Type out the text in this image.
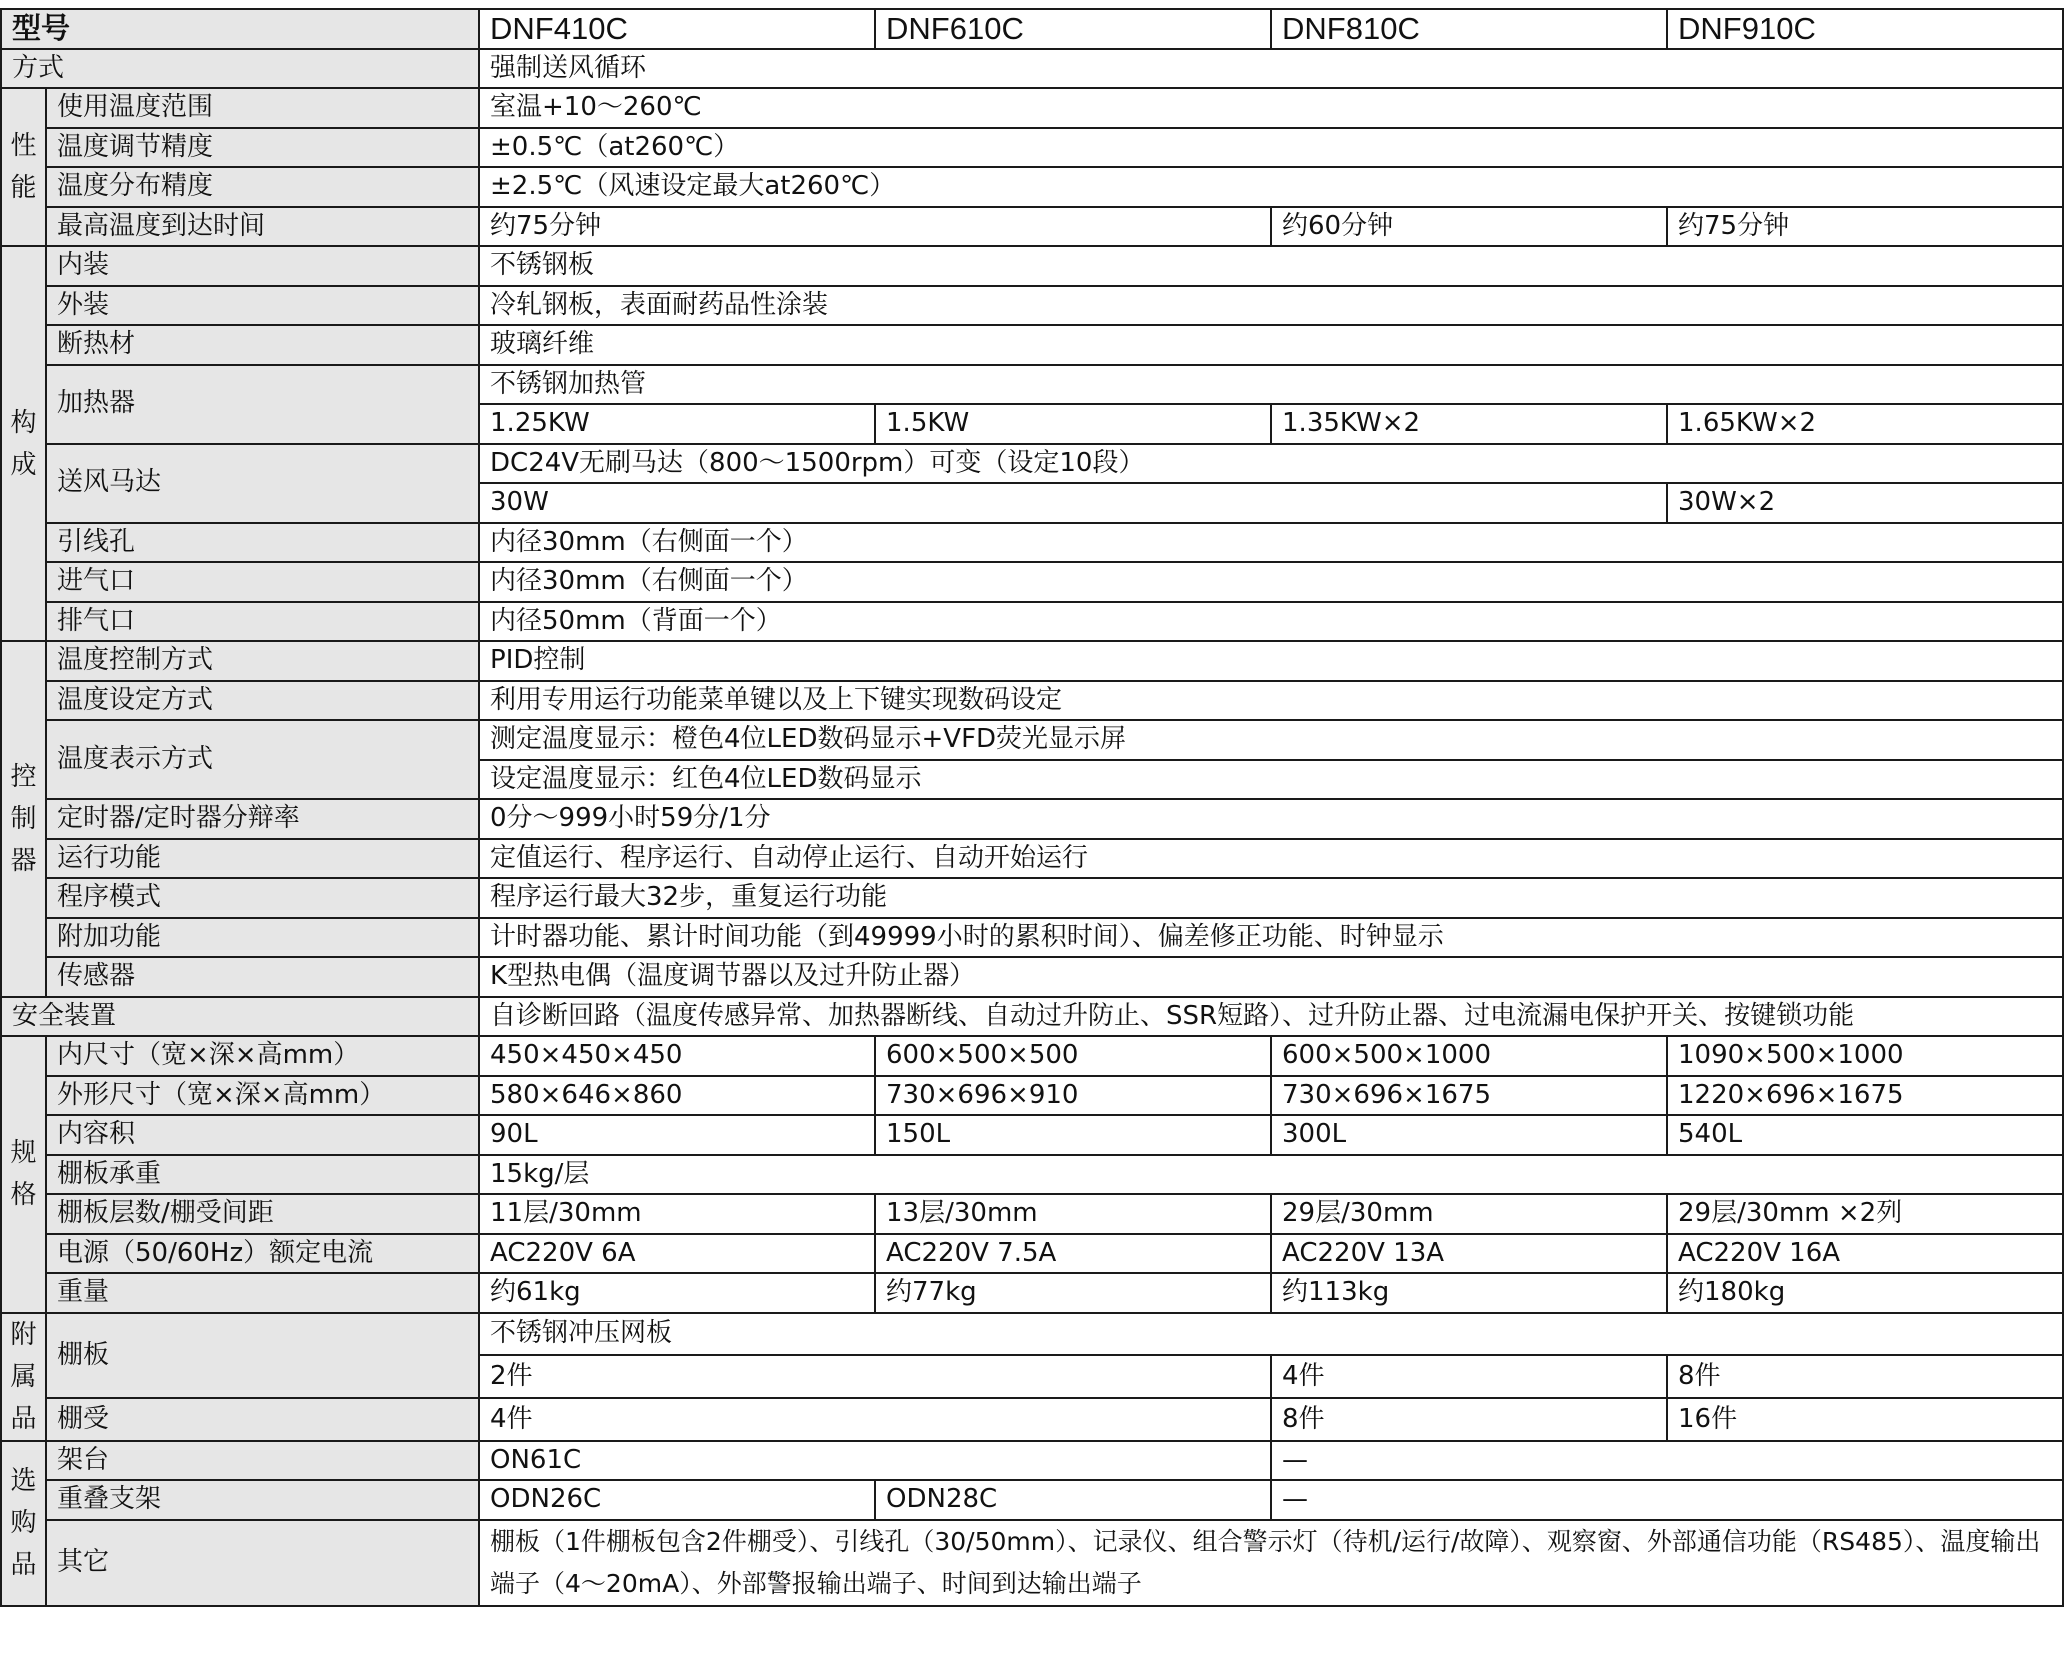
型号		DNF410C	DNF610C	DNF810C	DNF910C
方式		强制送风循环			
性
能	使用温度范围	室温+10～260℃			
	温度调节精度	±0.5℃（at260℃）			
	温度分布精度	±2.5℃（风速设定最大at260℃）			
	最高温度到达时间	约75分钟		约60分钟	约75分钟
构
成	内装	不锈钢板			
	外装	冷轧钢板，表面耐药品性涂装			
	断热材	玻璃纤维			
	加热器	不锈钢加热管			
		1.25KW	1.5KW	1.35KW×2	1.65KW×2
	送风马达	DC24V无刷马达（800～1500rpm）可变（设定10段）			
		30W			30W×2
	引线孔	内径30mm（右侧面一个）			
	进气口	内径30mm（右侧面一个）			
	排气口	内径50mm（背面一个）			
控
制
器	温度控制方式	PID控制			
	温度设定方式	利用专用运行功能菜单键以及上下键实现数码设定			
	温度表示方式	测定温度显示：橙色4位LED数码显示+VFD荧光显示屏			
		设定温度显示：红色4位LED数码显示			
	定时器/定时器分辩率	0分～999小时59分/1分			
	运行功能	定值运行、程序运行、自动停止运行、自动开始运行			
	程序模式	程序运行最大32步，重复运行功能			
	附加功能	计时器功能、累计时间功能（到49999小时的累积时间）、偏差修正功能、时钟显示			
	传感器	K型热电偶（温度调节器以及过升防止器）			
安全装置		自诊断回路（温度传感异常、加热器断线、自动过升防止、SSR短路）、过升防止器、过电流漏电保护开关、按键锁功能			
规
格	内尺寸（宽×深×高mm）	450×450×450	600×500×500	600×500×1000	1090×500×1000
	外形尺寸（宽×深×高mm）	580×646×860	730×696×910	730×696×1675	1220×696×1675
	内容积	90L	150L	300L	540L
	棚板承重	15kg/层			
	棚板层数/棚受间距	11层/30mm	13层/30mm	29层/30mm	29层/30mm ×2列
	电源（50/60Hz）额定电流	AC220V 6A	AC220V 7.5A	AC220V 13A	AC220V 16A
	重量	约61kg	约77kg	约113kg	约180kg
附
属
品	棚板	不锈钢冲压网板			
		2件		4件	8件
	棚受	4件		8件	16件
选
购
品	架台	ON61C		—	
	重叠支架	ODN26C	ODN28C	—	
	其它	棚板（1件棚板包含2件棚受）、引线孔（30/50mm）、记录仪、组合警示灯（待机/运行/故障）、观察窗、外部通信功能（RS485）、温度输出端子（4～20mA）、外部警报输出端子、时间到达输出端子			
